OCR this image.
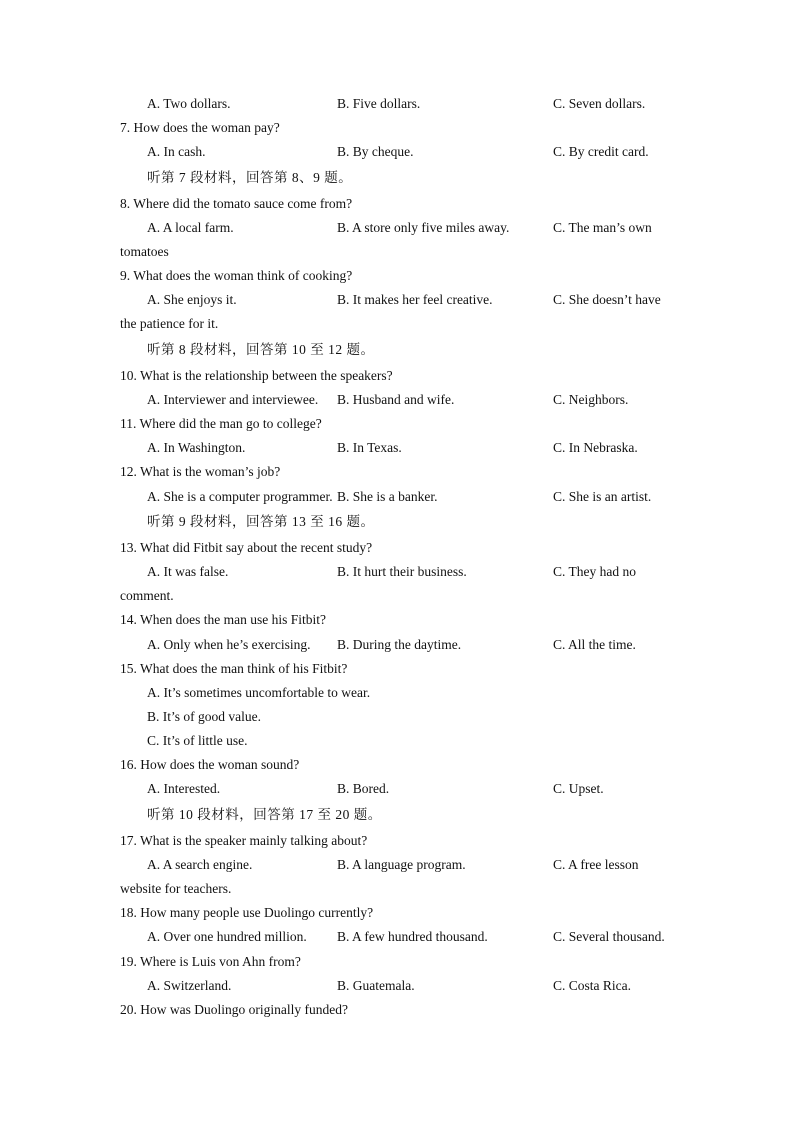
A. Two dollars.	B. Five dollars.	C. Seven dollars.
7. How does the woman pay?
A. In cash.	B. By cheque.	C. By credit card.
听第 7 段材料，回答第 8、9 题。
8. Where did the tomato sauce come from?
A. A local farm.	B. A store only five miles away.	C. The man’s own
tomatoes
9. What does the woman think of cooking?
A. She enjoys it.	B. It makes her feel creative.	C. She doesn’t have
the patience for it.
听第 8 段材料，回答第 10 至 12 题。
10. What is the relationship between the speakers?
A. Interviewer and interviewee. B. Husband and wife.	C. Neighbors.
11. Where did the man go to college?
A. In Washington.	B. In Texas.	C. In Nebraska.
12. What is the woman’s job?
A. She is a computer programmer. B. She is a banker.	C. She is an artist.
听第 9 段材料，回答第 13 至 16 题。
13. What did Fitbit say about the recent study?
A. It was false.	B. It hurt their business.	C. They had no
comment.
14. When does the man use his Fitbit?
A. Only when he’s exercising. B. During the daytime.	C. All the time.
15. What does the man think of his Fitbit?
A. It’s sometimes uncomfortable to wear.
B. It’s of good value.
C. It’s of little use.
16. How does the woman sound?
A. Interested.	B. Bored.	C. Upset.
听第 10 段材料，回答第 17 至 20 题。
17. What is the speaker mainly talking about?
A. A search engine.	B. A language program.	C. A free lesson
website for teachers.
18. How many people use Duolingo currently?
A. Over one hundred million. B. A few hundred thousand.	C. Several thousand.
19. Where is Luis von Ahn from?
A. Switzerland.	B. Guatemala.	C. Costa Rica.
20. How was Duolingo originally funded?
